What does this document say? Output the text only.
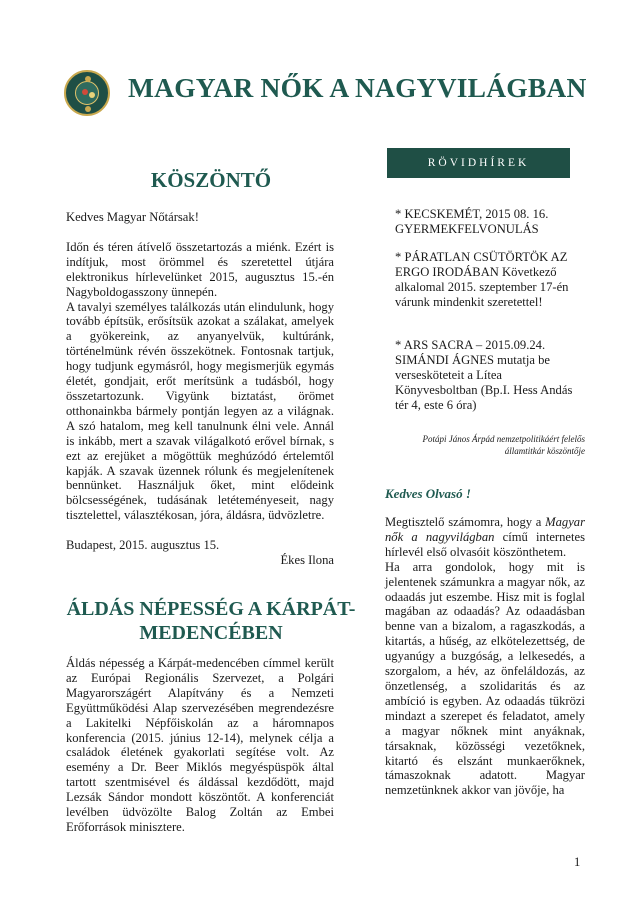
MAGYAR NŐK A NAGYVILÁGBAN
RÖVIDHÍREK
KÖSZÖNTŐ

Kedves Magyar Nőtársak!

Időn és téren átívelő összetartozás a miénk. Ezért is indítjuk, most örömmel és szeretettel útjára elektronikus hírlevelünket 2015, augusztus 15.-én Nagyboldogasszony ünnepén.

A tavalyi személyes találkozás után elindulunk, hogy tovább építsük, erősítsük azokat a szálakat, amelyek a gyökereink, az anyanyelvük, kultúránk, történelmünk révén összekötnek. Fontosnak tartjuk, hogy tudjunk egymásról, hogy megismerjük egymás életét, gondjait, erőt merítsünk a tudásból, hogy összetartozunk. Vigyünk biztatást, örömet otthonainkba bármely pontján legyen az a világnak. A szó hatalom, meg kell tanulnunk élni vele. Annál is inkább, mert a szavak világalkotó erővel bírnak, s ezt az erejüket a mögöttük meghúzódó értelemtől kapják. A szavak üzennek rólunk és megjelenítenek bennünket. Használjuk őket, mint elődeink bölcsességének, tudásának letéteményeseit, nagy tisztelettel, választékosan, jóra, áldásra, üdvözletre.

Budapest, 2015. augusztus 15.

Ékes Ilona

ÁLDÁS NÉPESSÉG A KÁRPÁT-
MEDENCÉBEN

Áldás népesség a Kárpát-medencében címmel került az Európai Regionális Szervezet, a Polgári Magyarországért Alapítvány és a Nemzeti Együttműködési Alap szervezésében megrendezésre a Lakitelki Népfőiskolán az a háromnapos konferencia (2015. június 12-14), melynek célja a családok életének gyakorlati segítése volt. Az esemény a Dr. Beer Miklós megyéspüspök által tartott szentmisével és áldással kezdődött, majd Lezsák Sándor mondott köszöntőt. A konferenciát levélben üdvözölte Balog Zoltán az Embei Erőforrások minisztere.

* KECSKEMÉT, 2015 08. 16. GYERMEKFELVONULÁS

* PÁRATLAN CSÜTÖRTÖK AZ ERGO IRODÁBAN Következő alkalomal 2015. szeptember 17-én várunk mindenkit szeretettel!

* ARS SACRA – 2015.09.24. SIMÁNDI ÁGNES mutatja be versesköteteit a Lítea Könyvesboltban (Bp.I. Hess Andás tér 4, este 6 óra)

Potápi János Árpád nemzetpolitikáért felelős államtitkár köszöntője
Kedves Olvasó !

Megtisztelő számomra, hogy a Magyar nők a nagyvilágban című internetes hírlevél első olvasóit köszönthetem.

Ha arra gondolok, hogy mit is jelentenek számunkra a magyar nők, az odaadás jut eszembe. Hisz mit is foglal magában az odaadás? Az odaadásban benne van a bizalom, a ragaszkodás, a kitartás, a hűség, az elkötelezettség, de ugyanúgy a buzgóság, a lelkesedés, a szorgalom, a hév, az önfeláldozás, az önzetlenség, a szolidaritás és az ambíció is egyben. Az odaadás tükrözi mindazt a szerepet és feladatot, amely a magyar nőknek mint anyáknak, társaknak, közösségi vezetőknek, kitartó és elszánt munkaerőknek, támaszoknak adatott. Magyar nemzetünknek akkor van jövője, ha

1
